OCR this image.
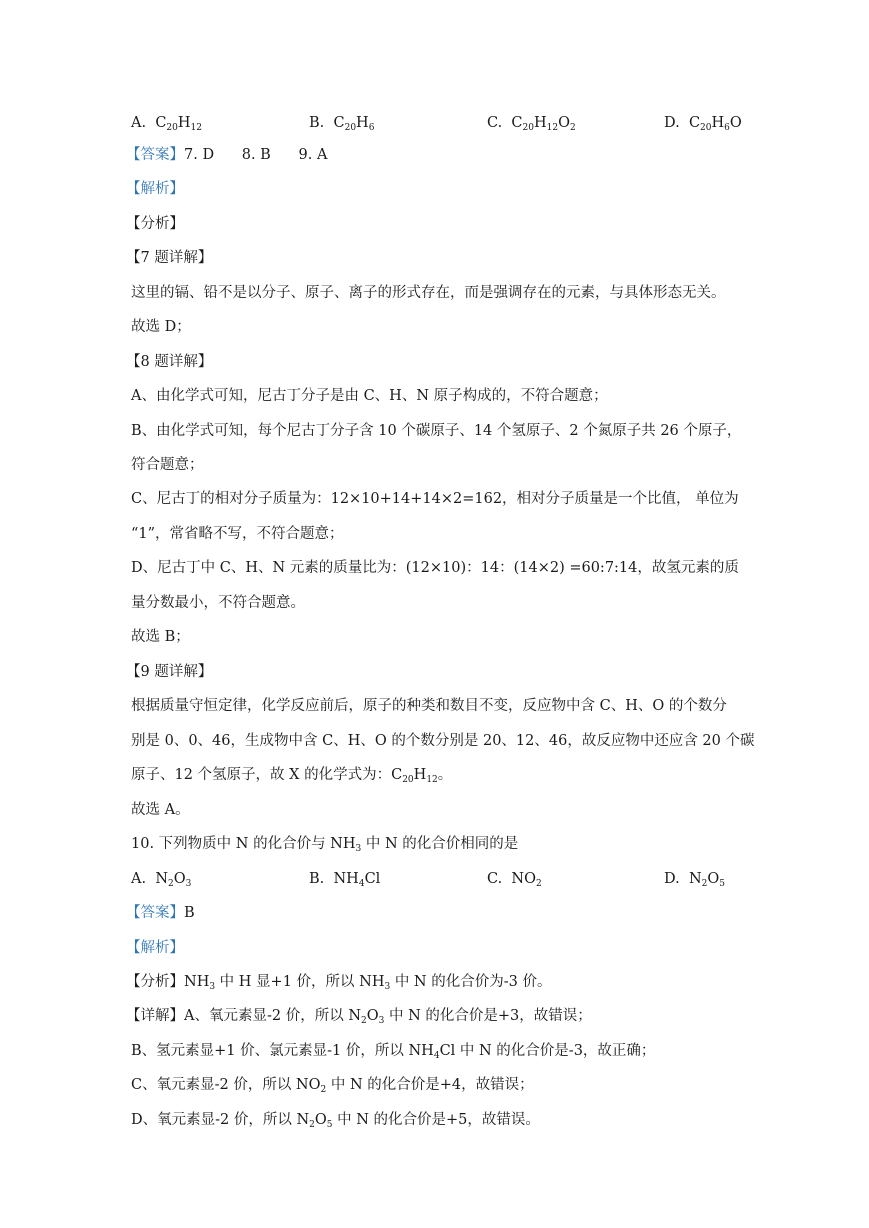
A. $C_{20}H_{12}$	B. $C_{20}H_6$	C. $C_{20}H_{12}O_2$	D. $C_{20}H_6O$
【答案】7. D 8. B 9. A
【解析】
【分析】
【7 题详解】
这里的镉、铅不是以分子、原子、离子的形式存在，而是强调存在的元素，与具体形态无关。
故选 D；
【8 题详解】
A、由化学式可知，尼古丁分子是由 C、H、N 原子构成的，不符合题意；
B、由化学式可知，每个尼古丁分子含 10 个碳原子、14 个氢原子、2 个氮原子共 26 个原子，
符合题意；
C、尼古丁的相对分子质量为：12×10+14+14×2=162，相对分子质量是一个比值， 单位为
“1”，常省略不写，不符合题意；
D、尼古丁中 C、H、N 元素的质量比为：(12×10)：14：(14×2) =60:7:14，故氢元素的质
量分数最小，不符合题意。
故选 B；
【9 题详解】
根据质量守恒定律，化学反应前后，原子的种类和数目不变，反应物中含 C、H、O 的个数分
别是 0、0、46，生成物中含 C、H、O 的个数分别是 20、12、46，故反应物中还应含 20 个碳
原子、12 个氢原子，故 X 的化学式为：$C_{20}H_{12}$。
故选 A。
10. 下列物质中 N 的化合价与 $NH_3$ 中 N 的化合价相同的是
A. $N_2O_3$	B. $NH_4Cl$	C. $NO_2$	D. $N_2O_5$
【答案】B
【解析】
【分析】$NH_3$ 中 H 显+1 价，所以 $NH_3$ 中 N 的化合价为-3 价。
【详解】A、氧元素显-2 价，所以 $N_2O_3$ 中 N 的化合价是+3，故错误；
B、氢元素显+1 价、氯元素显-1 价，所以 $NH_4Cl$ 中 N 的化合价是-3，故正确；
C、氧元素显-2 价，所以 $NO_2$ 中 N 的化合价是+4，故错误；
D、氧元素显-2 价，所以 $N_2O_5$ 中 N 的化合价是+5，故错误。
